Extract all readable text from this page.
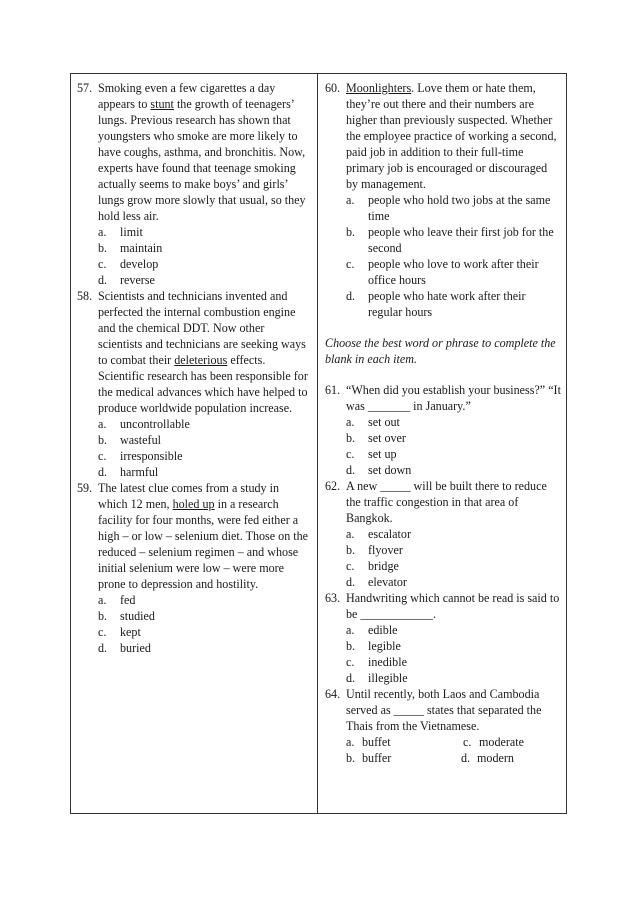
57. Smoking even a few cigarettes a day appears to stunt the growth of teenagers’ lungs. Previous research has shown that youngsters who smoke are more likely to have coughs, asthma, and bronchitis. Now, experts have found that teenage smoking actually seems to make boys’ and girls’ lungs grow more slowly that usual, so they hold less air.
a. limit
b. maintain
c. develop
d. reverse
58. Scientists and technicians invented and perfected the internal combustion engine and the chemical DDT. Now other scientists and technicians are seeking ways to combat their deleterious effects. Scientific research has been responsible for the medical advances which have helped to produce worldwide population increase.
a. uncontrollable
b. wasteful
c. irresponsible
d. harmful
59. The latest clue comes from a study in which 12 men, holed up in a research facility for four months, were fed either a high – or low – selenium diet. Those on the reduced – selenium regimen – and whose initial selenium were low – were more prone to depression and hostility.
a. fed
b. studied
c. kept
d. buried
60. Moonlighters. Love them or hate them, they’re out there and their numbers are higher than previously suspected. Whether the employee practice of working a second, paid job in addition to their full-time primary job is encouraged or discouraged by management.
a. people who hold two jobs at the same time
b. people who leave their first job for the second
c. people who love to work after their office hours
d. people who hate work after their regular hours
Choose the best word or phrase to complete the blank in each item.
61. “When did you establish your business?” “It was _______ in January.”
a. set out
b. set over
c. set up
d. set down
62. A new _____ will be built there to reduce the traffic congestion in that area of Bangkok.
a. escalator
b. flyover
c. bridge
d. elevator
63. Handwriting which cannot be read is said to be ____________.
a. edible
b. legible
c. inedible
d. illegible
64. Until recently, both Laos and Cambodia served as _____ states that separated the Thais from the Vietnamese.
a. buffet	c. moderate
b. buffer	d. modern
